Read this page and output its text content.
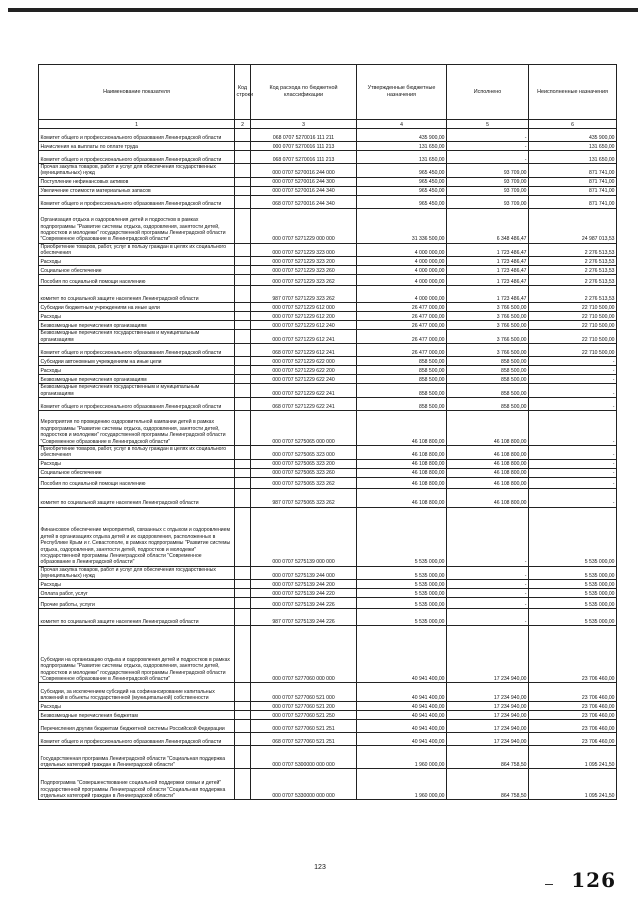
Наименование показателя	Код строки	Код расхода по бюджетной классификации	Утвержденные бюджетные назначения	Исполнено	Неисполненные назначения
1	2	3	4	5	6
Комитет общего и профессионального образования Ленинградской области		068 0707 5270016 111 211	435 900,00	-	435 900,00
Начисления на выплаты по оплате труда		000 0707 5270016 111 213	131 650,00	-	131 650,00
Комитет общего и профессионального образования Ленинградской области		068 0707 5270016 111 213	131 650,00	-	131 650,00
Прочая закупка товаров, работ и услуг для обеспечения государственных (муниципальных) нужд		000 0707 5270016 244 000	965 450,00	93 709,00	871 741,00
Поступление нефинансовых активов		000 0707 5270016 244 300	965 450,00	93 709,00	871 741,00
Увеличение стоимости материальных запасов		000 0707 5270016 244 340	965 450,00	93 709,00	871 741,00
Комитет общего и профессионального образования Ленинградской области		068 0707 5270016 244 340	965 450,00	93 709,00	871 741,00
Организация отдыха и оздоровления детей и подростков в рамках подпрограммы "Развитие системы отдыха, оздоровления, занятости детей, подростков и молодежи" государственной программы Ленинградской области "Современное образование в Ленинградской области"		000 0707 5271229 000 000	31 336 500,00	6 348 486,47	24 987 013,53
Приобретение товаров, работ, услуг в пользу граждан в целях их социального обеспечения		000 0707 5271229 323 000	4 000 000,00	1 723 486,47	2 276 513,53
Расходы		000 0707 5271229 323 200	4 000 000,00	1 723 486,47	2 276 513,53
Социальное обеспечение		000 0707 5271229 323 260	4 000 000,00	1 723 486,47	2 276 513,53
Пособия по социальной помощи населению		000 0707 5271229 323 262	4 000 000,00	1 723 486,47	2 276 513,53
комитет по социальной защите населения Ленинградской области		987 0707 5271229 323 262	4 000 000,00	1 723 486,47	2 276 513,53
Субсидии бюджетным учреждениям на иные цели		000 0707 5271229 612 000	26 477 000,00	3 766 500,00	22 710 500,00
Расходы		000 0707 5271229 612 200	26 477 000,00	3 766 500,00	22 710 500,00
Безвозмездные перечисления организациям		000 0707 5271229 612 240	26 477 000,00	3 766 500,00	22 710 500,00
Безвозмездные перечисления государственным и муниципальным организациям		000 0707 5271229 612 241	26 477 000,00	3 766 500,00	22 710 500,00
Комитет общего и профессионального образования Ленинградской области		068 0707 5271229 612 241	26 477 000,00	3 766 500,00	22 710 500,00
Субсидии автономным учреждениям на иные цели		000 0707 5271229 622 000	858 500,00	858 500,00	-
Расходы		000 0707 5271229 622 200	858 500,00	858 500,00	-
Безвозмездные перечисления организациям		000 0707 5271229 622 240	858 500,00	858 500,00	-
Безвозмездные перечисления государственным и муниципальным организациям		000 0707 5271229 622 241	858 500,00	858 500,00	-
Комитет общего и профессионального образования Ленинградской области		068 0707 5271229 622 241	858 500,00	858 500,00	-
Мероприятия по проведению оздоровительной кампании детей в рамках подпрограммы "Развитие системы отдыха, оздоровления, занятости детей, подростков и молодежи" государственной программы Ленинградской области "Современное образование в Ленинградской области"		000 0707 5275065 000 000	46 108 800,00	46 108 800,00	-
Приобретение товаров, работ, услуг в пользу граждан в целях их социального обеспечения		000 0707 5275065 323 000	46 108 800,00	46 108 800,00	-
Расходы		000 0707 5275065 323 200	46 108 800,00	46 108 800,00	-
Социальное обеспечение		000 0707 5275065 323 260	46 108 800,00	46 108 800,00	-
Пособия по социальной помощи населению		000 0707 5275065 323 262	46 108 800,00	46 108 800,00	-
комитет по социальной защите населения Ленинградской области		987 0707 5275065 323 262	46 108 800,00	46 108 800,00	-
Финансовое обеспечение мероприятий, связанных с отдыхом и оздоровлением детей в организациях отдыха детей и их оздоровления, расположенных в Республике Крым и г. Севастополе, в рамках подпрограммы "Развитие системы отдыха, оздоровления, занятости детей, подростков и молодежи" государственной программы Ленинградской области "Современное образование в Ленинградской области"		000 0707 5275139 000 000	5 535 000,00	-	5 535 000,00
Прочая закупка товаров, работ и услуг для обеспечения государственных (муниципальных) нужд		000 0707 5275139 244 000	5 535 000,00	-	5 535 000,00
Расходы		000 0707 5275139 244 200	5 535 000,00	-	5 535 000,00
Оплата работ, услуг		000 0707 5275139 244 220	5 535 000,00	-	5 535 000,00
Прочие работы, услуги		000 0707 5275139 244 226	5 535 000,00	-	5 535 000,00
комитет по социальной защите населения Ленинградской области		987 0707 5275139 244 226	5 535 000,00	-	5 535 000,00
Субсидии на организацию отдыха и оздоровления детей и подростков в рамках подпрограммы "Развитие системы отдыха, оздоровления, занятости детей, подростков и молодежи" государственной программы Ленинградской области "Современное образование в Ленинградской области"		000 0707 5277060 000 000	40 941 400,00	17 234 940,00	23 706 460,00
Субсидии, за исключением субсидий на софинансирование капитальных вложений в объекты государственной (муниципальной) собственности		000 0707 5277060 521 000	40 941 400,00	17 234 940,00	23 706 460,00
Расходы		000 0707 5277060 521 200	40 941 400,00	17 234 940,00	23 706 460,00
Безвозмездные перечисления бюджетам		000 0707 5277060 521 250	40 941 400,00	17 234 940,00	23 706 460,00
Перечисления другим бюджетам бюджетной системы Российской Федерации		000 0707 5277060 521 251	40 941 400,00	17 234 940,00	23 706 460,00
Комитет общего и профессионального образования Ленинградской области		068 0707 5277060 521 251	40 941 400,00	17 234 940,00	23 706 460,00
Государственная программа Ленинградской области "Социальная поддержка отдельных категорий граждан в Ленинградской области"		000 0707 5300000 000 000	1 960 000,00	864 758,50	1 095 241,50
Подпрограмма "Совершенствование социальной поддержки семьи и детей" государственной программы Ленинградской области "Социальная поддержка отдельных категорий граждан в Ленинградской области"		000 0707 5330000 000 000	1 960 000,00	864 758,50	1 095 241,50
123
126
